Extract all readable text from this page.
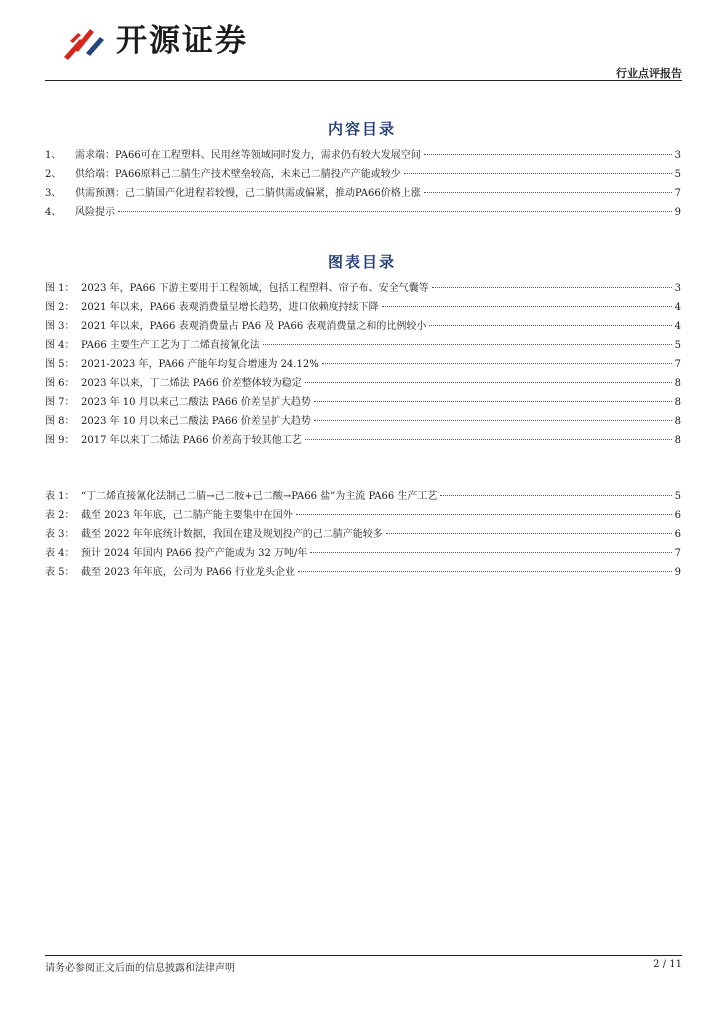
开源证券
行业点评报告
内容目录
1、	需求端：PA66可在工程塑料、民用丝等领域同时发力，需求仍有较大发展空间	3
2、	供给端：PA66原料己二腈生产技术壁垒较高，未来己二腈投产产能或较少	5
3、	供需预测：己二腈国产化进程若较慢，己二腈供需或偏紧，推动PA66价格上涨	7
4、	风险提示	9
图表目录
图 1： 2023 年，PA66 下游主要用于工程领域，包括工程塑料、帘子布、安全气囊等	3
图 2： 2021 年以来，PA66 表观消费量呈增长趋势，进口依赖度持续下降	4
图 3： 2021 年以来，PA66 表观消费量占 PA6 及 PA66 表观消费量之和的比例较小	4
图 4： PA66 主要生产工艺为丁二烯直接氰化法	5
图 5： 2021-2023 年，PA66 产能年均复合增速为 24.12%	7
图 6： 2023 年以来，丁二烯法 PA66 价差整体较为稳定	8
图 7： 2023 年 10 月以来己二酸法 PA66 价差呈扩大趋势	8
图 8： 2023 年 10 月以来己二酸法 PA66 价差呈扩大趋势	8
图 9： 2017 年以来丁二烯法 PA66 价差高于较其他工艺	8
表 1： “丁二烯直接氰化法制己二腈→己二胺+己二酸→PA66 盐”为主流 PA66 生产工艺	5
表 2： 截至 2023 年年底，己二腈产能主要集中在国外	6
表 3： 截至 2022 年年底统计数据，我国在建及规划投产的己二腈产能较多	6
表 4： 预计 2024 年国内 PA66 投产产能或为 32 万吨/年	7
表 5： 截至 2023 年年底，公司为 PA66 行业龙头企业	9
请务必参阅正文后面的信息披露和法律声明	2 / 11
